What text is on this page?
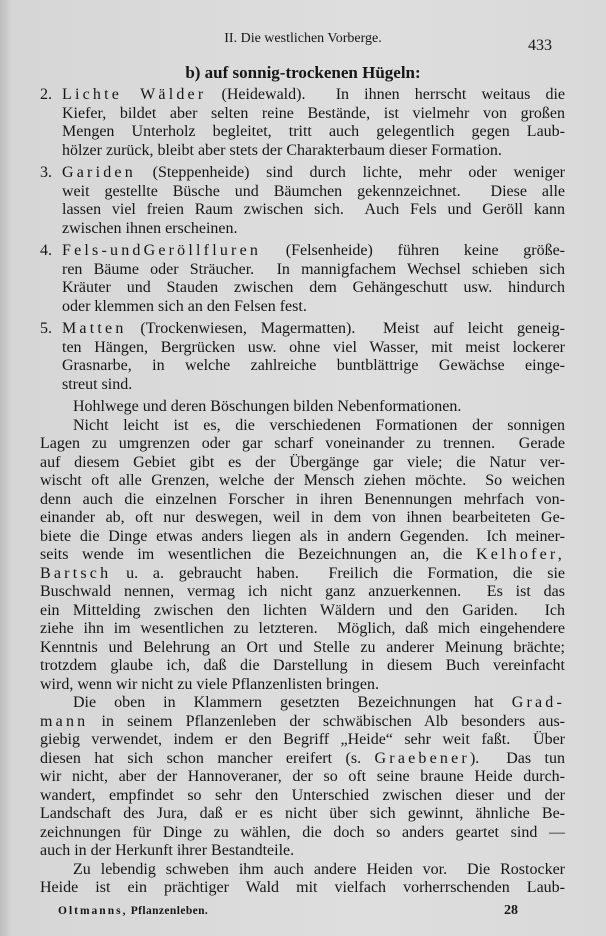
II. Die westlichen Vorberge.	433
b) auf sonnig-trockenen Hügeln:
2. Lichte Wälder (Heidewald).  In ihnen herrscht weitaus die
Kiefer, bildet aber selten reine Bestände, ist vielmehr von großen
Mengen Unterholz begleitet, tritt auch gelegentlich gegen Laub-
hölzer zurück, bleibt aber stets der Charakterbaum dieser Formation.
3. Gariden (Steppenheide) sind durch lichte, mehr oder weniger
weit gestellte Büsche und Bäumchen gekennzeichnet.  Diese alle
lassen viel freien Raum zwischen sich.  Auch Fels und Geröll kann
zwischen ihnen erscheinen.
4. Fels-undGeröllfluren (Felsenheide) führen keine größe-
ren Bäume oder Sträucher.  In mannigfachem Wechsel schieben sich
Kräuter und Stauden zwischen dem Gehängeschutt usw. hindurch
oder klemmen sich an den Felsen fest.
5. Matten (Trockenwiesen, Magermatten).  Meist auf leicht geneig-
ten Hängen, Bergrücken usw. ohne viel Wasser, mit meist lockerer
Grasnarbe, in welche zahlreiche buntblättrige Gewächse einge-
streut sind.
Hohlwege und deren Böschungen bilden Nebenformationen.
Nicht leicht ist es, die verschiedenen Formationen der sonnigen
Lagen zu umgrenzen oder gar scharf voneinander zu trennen.  Gerade
auf diesem Gebiet gibt es der Übergänge gar viele; die Natur ver-
wischt oft alle Grenzen, welche der Mensch ziehen möchte.  So weichen
denn auch die einzelnen Forscher in ihren Benennungen mehrfach von-
einander ab, oft nur deswegen, weil in dem von ihnen bearbeiteten Ge-
biete die Dinge etwas anders liegen als in andern Gegenden.  Ich meiner-
seits wende im wesentlichen die Bezeichnungen an, die Kelhofer,
Bartsch u. a. gebraucht haben.  Freilich die Formation, die sie
Buschwald nennen, vermag ich nicht ganz anzuerkennen.  Es ist das
ein Mittelding zwischen den lichten Wäldern und den Gariden.  Ich
ziehe ihn im wesentlichen zu letzteren.  Möglich, daß mich eingehendere
Kenntnis und Belehrung an Ort und Stelle zu anderer Meinung brächte;
trotzdem glaube ich, daß die Darstellung in diesem Buch vereinfacht
wird, wenn wir nicht zu viele Pflanzenlisten bringen.
Die oben in Klammern gesetzten Bezeichnungen hat Grad-
mann in seinem Pflanzenleben der schwäbischen Alb besonders aus-
giebig verwendet, indem er den Begriff „Heide“ sehr weit faßt.  Über
diesen hat sich schon mancher ereifert (s. Graebener).  Das tun
wir nicht, aber der Hannoveraner, der so oft seine braune Heide durch-
wandert, empfindet so sehr den Unterschied zwischen dieser und der
Landschaft des Jura, daß er es nicht über sich gewinnt, ähnliche Be-
zeichnungen für Dinge zu wählen, die doch so anders geartet sind —
auch in der Herkunft ihrer Bestandteile.
Zu lebendig schweben ihm auch andere Heiden vor.  Die Rostocker
Heide ist ein prächtiger Wald mit vielfach vorherrschenden Laub-
Oltmanns, Pflanzenleben.	28
